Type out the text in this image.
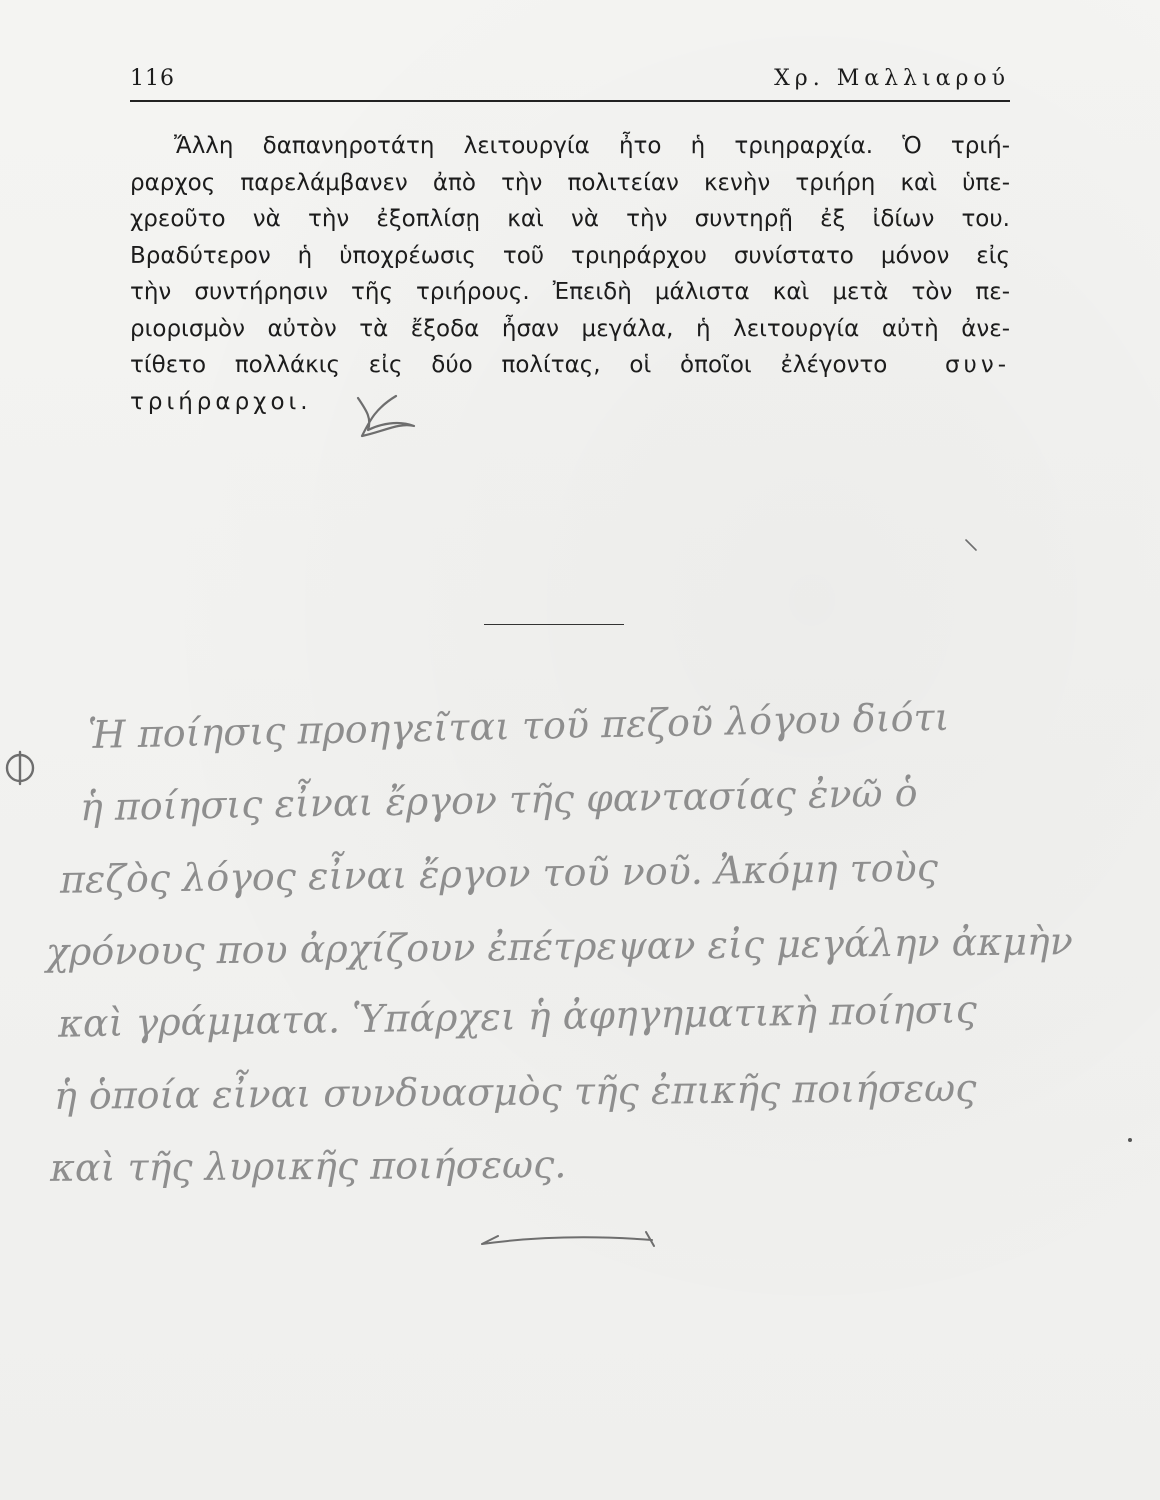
116	Χρ. Μαλλιαρού
Ἄλλη δαπανηροτάτη λειτουργία ἦτο ἡ τριηραρχία. Ὁ τριή-
ραρχος παρελάμβανεν ἀπὸ τὴν πολιτείαν κενὴν τριήρη καὶ ὑπε-
χρεοῦτο νὰ τὴν ἐξοπλίσῃ καὶ νὰ τὴν συντηρῇ ἐξ ἰδίων του.
Βραδύτερον ἡ ὑποχρέωσις τοῦ τριηράρχου συνίστατο μόνον εἰς
τὴν συντήρησιν τῆς τριήρους. Ἐπειδὴ μάλιστα καὶ μετὰ τὸν πε-
ριορισμὸν αὐτὸν τὰ ἔξοδα ἦσαν μεγάλα, ἡ λειτουργία αὐτὴ ἀνε-
τίθετο πολλάκις εἰς δύο πολίτας, οἱ ὁποῖοι ἐλέγοντο	συν-
τριήραρχοι.
Ἡ ποίησις προηγεῖται τοῦ πεζοῦ λόγου διότι
ἡ ποίησις εἶναι ἔργον τῆς φαντασίας ἐνῶ ὁ
πεζὸς λόγος εἶναι ἔργον τοῦ νοῦ. Ἀκόμη τοὺς
χρόνους που ἀρχίζουν ἐπέτρεψαν εἰς μεγάλην ἀκμὴν
καὶ γράμματα. Ὑπάρχει ἡ ἀφηγηματικὴ ποίησις
ἡ ὁποία εἶναι συνδυασμὸς τῆς ἐπικῆς ποιήσεως
καὶ τῆς λυρικῆς ποιήσεως.
